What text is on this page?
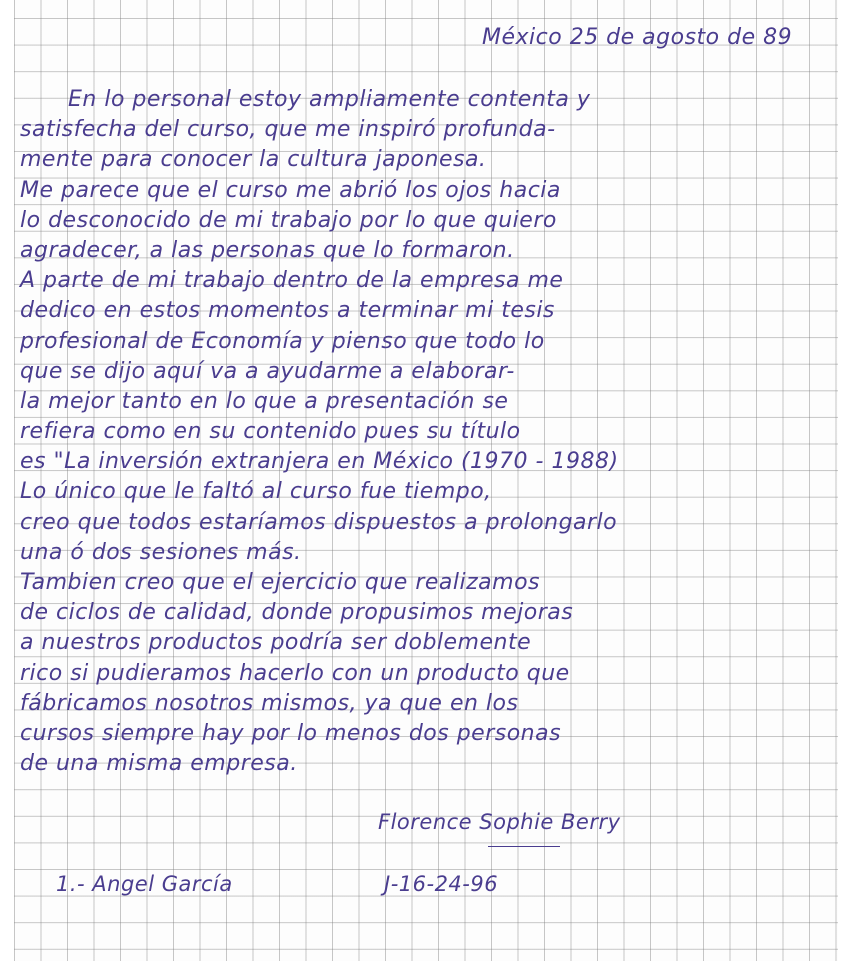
México 25 de agosto de 89
En lo personal estoy ampliamente contenta y
satisfecha del curso, que me inspiró profunda-
mente para conocer la cultura japonesa.
Me parece que el curso me abrió los ojos hacia
lo desconocido de mi trabajo por lo que quiero
agradecer, a las personas que lo formaron.
A parte de mi trabajo dentro de la empresa me
dedico en estos momentos a terminar mi tesis
profesional de Economía y pienso que todo lo
que se dijo aquí va a ayudarme a elaborar-
la mejor tanto en lo que a presentación se
refiera como en su contenido pues su título
es "La inversión extranjera en México (1970 - 1988)
Lo único que le faltó al curso fue tiempo,
creo que todos estaríamos dispuestos a prolongarlo
una ó dos sesiones más.
Tambien creo que el ejercicio que realizamos
de ciclos de calidad, donde propusimos mejoras
a nuestros productos podría ser doblemente
rico si pudieramos hacerlo con un producto que
fábricamos nosotros mismos, ya que en los
cursos siempre hay por lo menos dos personas
de una misma empresa.
Florence Sophie Berry
1.- Angel García	J-16-24-96
